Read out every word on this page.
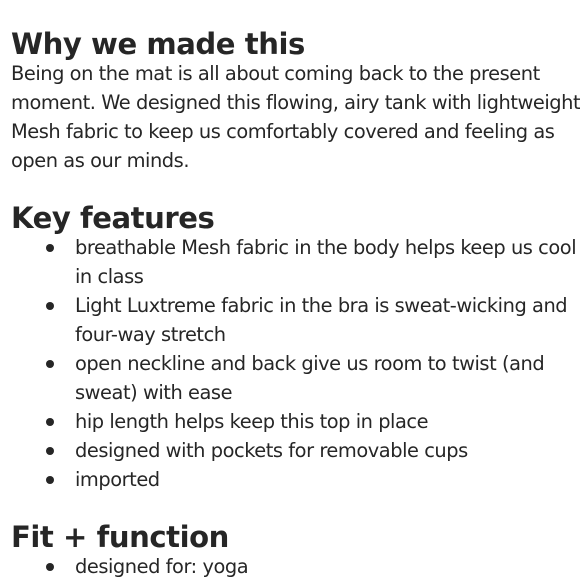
Why we made this

Being on the mat is all about coming back to the present moment. We designed this flowing, airy tank with lightweight Mesh fabric to keep us comfortably covered and feeling as open as our minds.

Key features
breathable Mesh fabric in the body helps keep us cool in class
Light Luxtreme fabric in the bra is sweat-wicking and four-way stretch
open neckline and back give us room to twist (and sweat) with ease
hip length helps keep this top in place
designed with pockets for removable cups
imported
Fit + function
designed for: yoga
